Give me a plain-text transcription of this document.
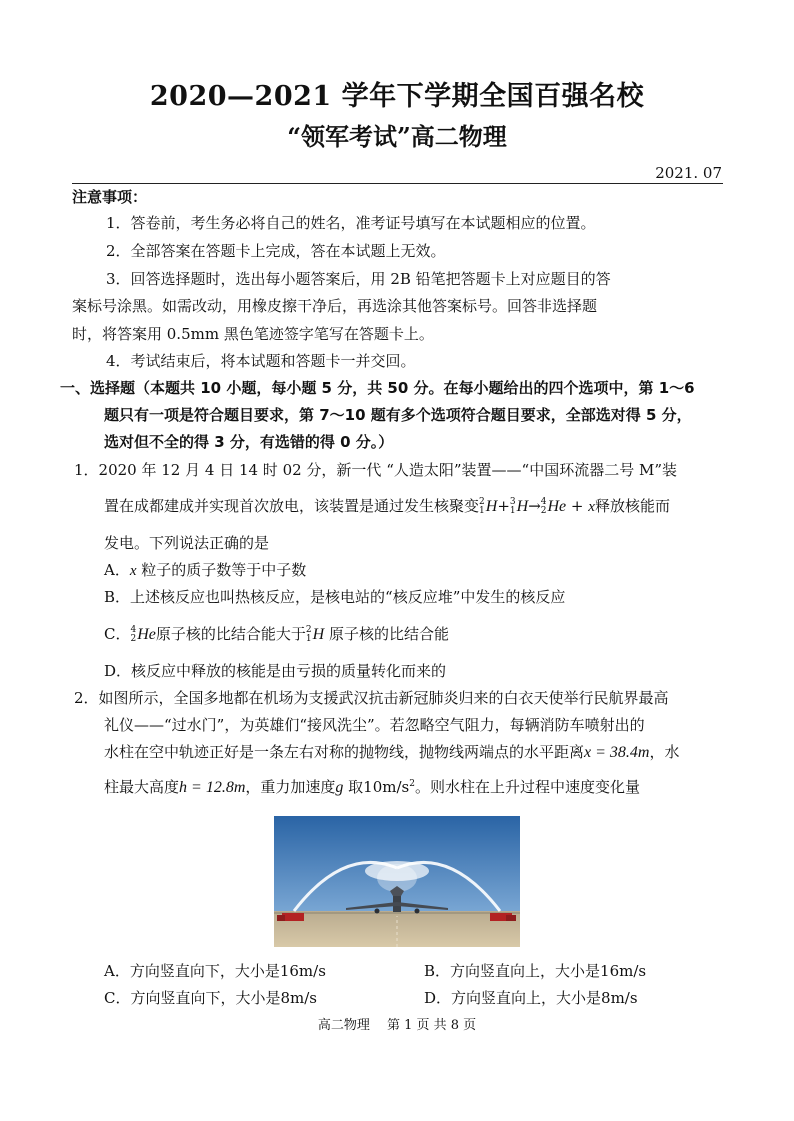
2020—2021 学年下学期全国百强名校
“领军考试”高二物理
2021. 07
注意事项：
1．答卷前，考生务必将自己的姓名，准考证号填写在本试题相应的位置。
2．全部答案在答题卡上完成，答在本试题上无效。
3．回答选择题时，选出每小题答案后，用 2B 铅笔把答题卡上对应题目的答
案标号涂黑。如需改动，用橡皮擦干净后，再选涂其他答案标号。回答非选择题
时，将答案用 0.5mm 黑色笔迹签字笔写在答题卡上。
4．考试结束后，将本试题和答题卡一并交回。
一、选择题（本题共 10 小题，每小题 5 分，共 50 分。在每小题给出的四个选项中，第 1～6
题只有一项是符合题目要求，第 7～10 题有多个选项符合题目要求，全部选对得 5 分，
选对但不全的得 3 分，有选错的得 0 分。）
1．2020 年 12 月 4 日 14 时 02 分，新一代 “人造太阳”装置——“中国环流器二号 M”装
置在成都建成并实现首次放电，该装置是通过发生核聚变 2
1 H + 3
1 H → 4
2 He + x释放核能而
发电。下列说法正确的是
A．x 粒子的质子数等于中子数
B．上述核反应也叫热核反应，是核电站的“核反应堆”中发生的核反应
C． 4
2 He 原子核的比结合能大于 2
1 H 原子核的比结合能
D．核反应中释放的核能是由亏损的质量转化而来的
2．如图所示，全国多地都在机场为支援武汉抗击新冠肺炎归来的白衣天使举行民航界最高
礼仪——“过水门”，为英雄们“接风洗尘”。若忽略空气阻力，每辆消防车喷射出的
水柱在空中轨迹正好是一条左右对称的抛物线，抛物线两端点的水平距离x = 38.4m，水
柱最大高度h = 12.8m，重力加速度g 取$10m/s^2$。则水柱在上升过程中速度变化量
A．方向竖直向下，大小是16m/s	B．方向竖直向上，大小是16m/s
C．方向竖直向下，大小是8m/s	D．方向竖直向上，大小是8m/s
高二物理　 第 1 页 共 8 页
